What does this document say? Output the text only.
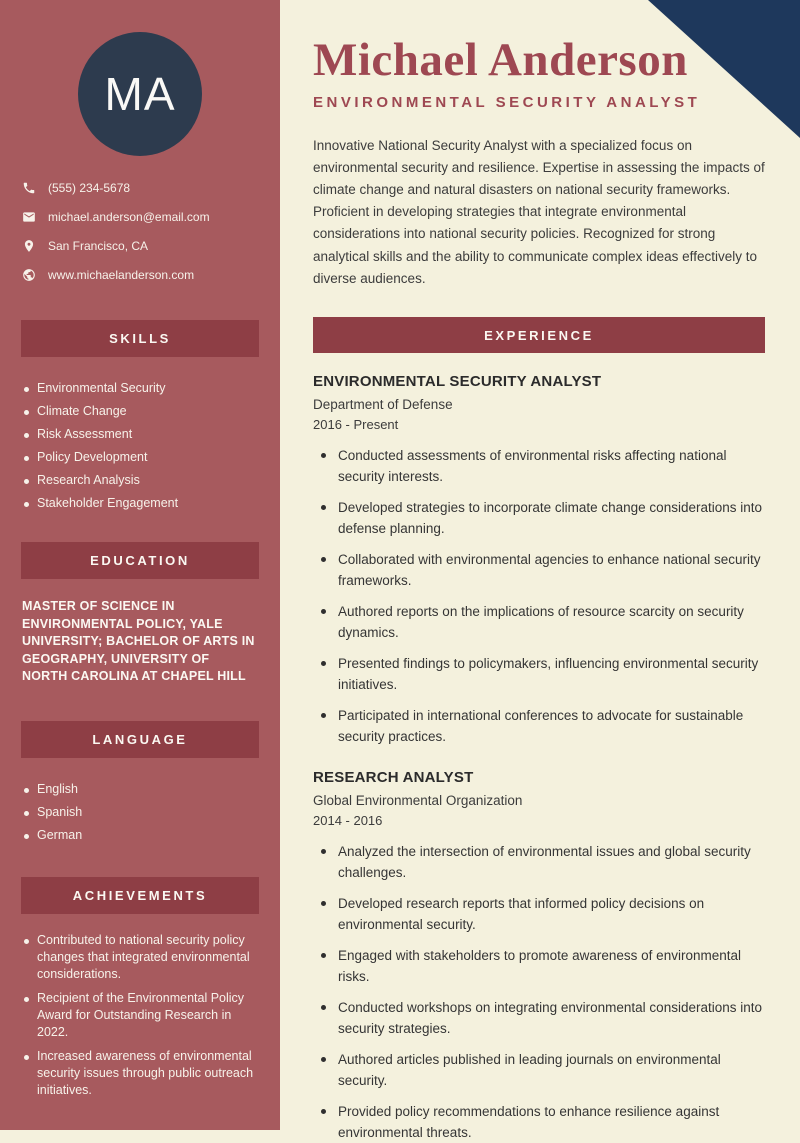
MA
(555) 234-5678
michael.anderson@email.com
San Francisco, CA
www.michaelanderson.com
SKILLS
Environmental Security
Climate Change
Risk Assessment
Policy Development
Research Analysis
Stakeholder Engagement
EDUCATION

MASTER OF SCIENCE IN ENVIRONMENTAL POLICY, YALE UNIVERSITY; BACHELOR OF ARTS IN GEOGRAPHY, UNIVERSITY OF NORTH CAROLINA AT CHAPEL HILL

LANGUAGE
English
Spanish
German
ACHIEVEMENTS
Contributed to national security policy changes that integrated environmental considerations.
Recipient of the Environmental Policy Award for Outstanding Research in 2022.
Increased awareness of environmental security issues through public outreach initiatives.
Michael Anderson
ENVIRONMENTAL SECURITY ANALYST

Innovative National Security Analyst with a specialized focus on environmental security and resilience. Expertise in assessing the impacts of climate change and natural disasters on national security frameworks. Proficient in developing strategies that integrate environmental considerations into national security policies. Recognized for strong analytical skills and the ability to communicate complex ideas effectively to diverse audiences.

EXPERIENCE
ENVIRONMENTAL SECURITY ANALYST
Department of Defense
2016 - Present
Conducted assessments of environmental risks affecting national security interests.
Developed strategies to incorporate climate change considerations into defense planning.
Collaborated with environmental agencies to enhance national security frameworks.
Authored reports on the implications of resource scarcity on security dynamics.
Presented findings to policymakers, influencing environmental security initiatives.
Participated in international conferences to advocate for sustainable security practices.
RESEARCH ANALYST
Global Environmental Organization
2014 - 2016
Analyzed the intersection of environmental issues and global security challenges.
Developed research reports that informed policy decisions on environmental security.
Engaged with stakeholders to promote awareness of environmental risks.
Conducted workshops on integrating environmental considerations into security strategies.
Authored articles published in leading journals on environmental security.
Provided policy recommendations to enhance resilience against environmental threats.
